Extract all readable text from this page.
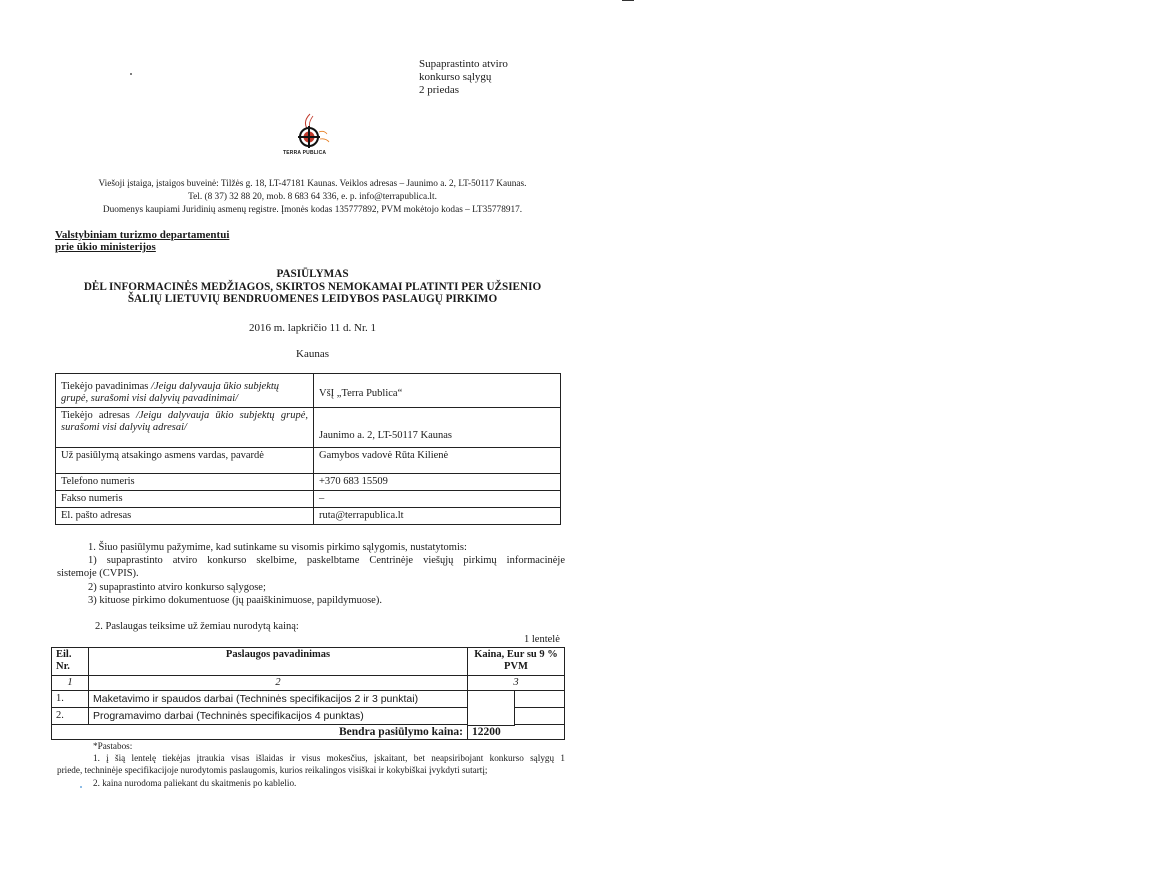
Supaprastinto atviro
konkurso sąlygų
2 priedas
TERRA PUBLICA
Viešoji įstaiga, įstaigos buveinė: Tilžės g. 18, LT-47181 Kaunas. Veiklos adresas – Jaunimo a. 2, LT-50117 Kaunas.
Tel. (8 37) 32 88 20, mob. 8 683 64 336, e. p. info@terrapublica.lt.
Duomenys kaupiami Juridinių asmenų registre. Įmonės kodas 135777892, PVM mokėtojo kodas – LT35778917.
Valstybiniam turizmo departamentui
prie ūkio ministerijos
PASIŪLYMAS
DĖL INFORMACINĖS MEDŽIAGOS, SKIRTOS NEMOKAMAI PLATINTI PER UŽSIENIO
ŠALIŲ LIETUVIŲ BENDRUOMENES LEIDYBOS PASLAUGŲ PIRKIMO
2016 m. lapkričio 11 d. Nr. 1
Kaunas
Tiekėjo pavadinimas /Jeigu dalyvauja ūkio subjektų grupė, surašomi visi dalyvių pavadinimai/	VšĮ „Terra Publica“
Tiekėjo adresas /Jeigu dalyvauja ūkio subjektų grupė, surašomi visi dalyvių adresai/	Jaunimo a. 2, LT-50117 Kaunas
Už pasiūlymą atsakingo asmens vardas, pavardė	Gamybos vadovė Rūta Kilienė
Telefono numeris	+370 683 15509
Fakso numeris	–
El. pašto adresas	ruta@terrapublica.lt
1. Šiuo pasiūlymu pažymime, kad sutinkame su visomis pirkimo sąlygomis, nustatytomis:
1) supaprastinto atviro konkurso skelbime, paskelbtame Centrinėje viešųjų pirkimų informacinėje
sistemoje (CVPIS).
2) supaprastinto atviro konkurso sąlygose;
3) kituose pirkimo dokumentuose (jų paaiškinimuose, papildymuose).
2. Paslaugas teiksime už žemiau nurodytą kainą:
1 lentelė
Eil. Nr.	Paslaugos pavadinimas	Kaina, Eur su 9 % PVM
1	2	3
1.	Maketavimo ir spaudos darbai (Techninės specifikacijos 2 ir 3 punktai)	
2.	Programavimo darbai (Techninės specifikacijos 4 punktas)	
	Bendra pasiūlymo kaina:	12200
*Pastabos:
1. į šią lentelę tiekėjas įtraukia visas išlaidas ir visus mokesčius, įskaitant, bet neapsiribojant konkurso sąlygų 1
priede, techninėje specifikacijoje nurodytomis paslaugomis, kurios reikalingos visiškai ir kokybiškai įvykdyti sutartį;
2. kaina nurodoma paliekant du skaitmenis po kablelio.
